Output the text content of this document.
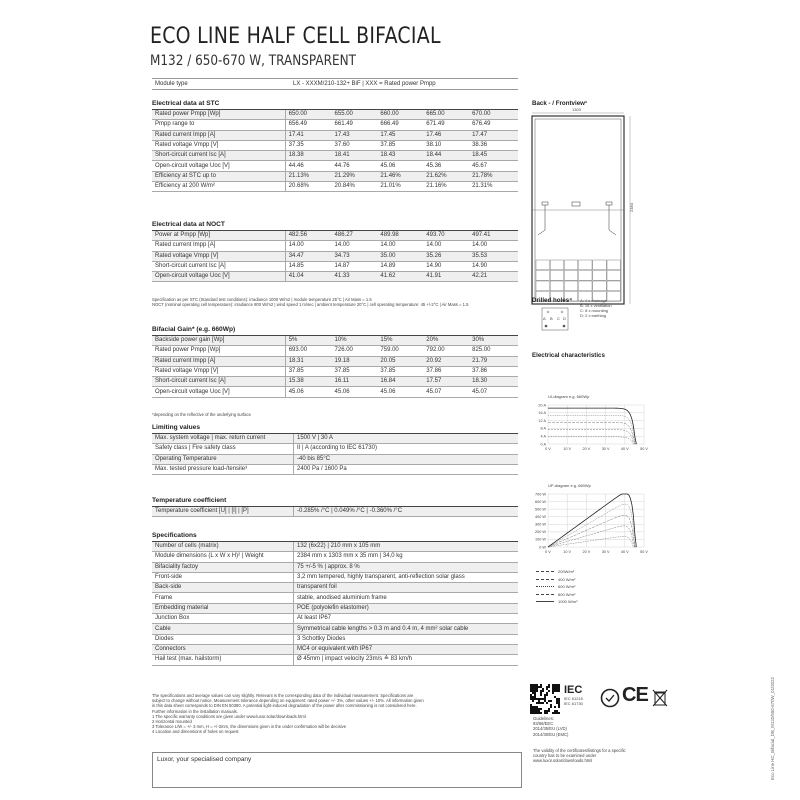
ECO LINE HALF CELL BIFACIAL
M132 / 650-670 W, TRANSPARENT
Module type	LX - XXXM/210-132+ BiF | XXX = Rated power Pmpp
Electrical data at STC
Rated power Pmpp [Wp]	650.00	655.00	660.00	665.00	670.00	
Pmpp range to	656.49	661.49	666.49	671.49	676.49	
Rated current Impp [A]	17.41	17.43	17.45	17.46	17.47	
Rated voltage Vmpp [V]	37.35	37.60	37.85	38.10	38.36	
Short-circuit current Isc [A]	18.38	18.41	18.43	18.44	18.45	
Open-circuit voltage Uoc [V]	44.46	44.76	45.06	45.36	45.67	
Efficiency at STC up to	21.13%	21.29%	21.46%	21.62%	21.78%	
Efficiency at 200 W/m²	20.68%	20.84%	21.01%	21.16%	21.31%	
Electrical data at NOCT
Power at Pmpp [Wp]	482.56	486.27	489.98	493.70	497.41	
Rated current Impp [A]	14.00	14.00	14.00	14.00	14.00	
Rated voltage Vmpp [V]	34.47	34.73	35.00	35.26	35.53	
Short-circuit current Isc [A]	14.85	14.87	14.89	14.90	14.90	
Open-circuit voltage Uoc [V]	41.04	41.33	41.62	41.91	42.21	
Specification as per STC (Standard test conditions): irradiance 1000 W/m2 | module temperature 25°C | Air Mass = 1.5
NOCT (nominal operating cell temperature): irradiance 800 W/m2 | wind speed 1 m/sec | ambient temperature 20°C | cell operating temperature: 45 +/-2°C | Air Mass = 1.5
Bifacial Gain* (e.g. 660Wp)
Backside power gain [Wp]	5%	10%	15%	20%	30%	
Rated power Pmpp [Wp]	693.00	726.00	759.00	792.00	825.00	
Rated current Impp [A]	18.31	19.18	20.05	20.92	21.79	
Rated voltage Vmpp [V]	37.85	37.85	37.85	37.86	37.86	
Short-circuit current Isc [A]	15.38	16.11	16.84	17.57	18.30	
Open-circuit voltage Uoc [V]	45.06	45.06	45.06	45.07	45.07	
*depending on the reflective of the underlying surface
Limiting values
Max. system voltage | max. return current	1500 V | 30 A
Safety class | Fire safety class	II | A (according to IEC 61730)
Operating Temperature	-40 bis 85°C
Max. tested pressure load-/tensile³	2400 Pa / 1600 Pa
Temperature coefficient
Temperature coefficient [U] | [I] | [P]	-0.285% /°C | 0.049% /°C | -0.360% /°C
Specifications
Number of cells (matrix)	132 (6x22) | 210 mm x 105 mm
Module dimensions (L x W x H)² | Weight	2384 mm x 1303 mm x 35 mm | 34,0 kg
Bifaciality factoy	75 +/-5 % | approx. 8 %
Front-side	3,2 mm tempered, highly transparent, anti-reflection solar glass
Back-side	transparent foil
Frame	stable, anodised aluminium frame
Embedding material	POE (polyolefin elastomer)
Junction Box	At least IP67
Cable	Symmetrical cable lengths > 0.3 m and 0.4 m, 4 mm² solar cable
Diodes	3 Schottky Diodes
Connectors	MC4 or equivalent with IP67
Hail test (max. hailstorm)	Ø 45mm | impact velocity 23m/s ≙ 83 km/h
The specifications and average values can vary slightly. Relevant is the corresponding data of the individual measurement. Specifications are
subject to change without notice. Measurement tolerance depending on equipment: rated power +/- 3%, other values +/- 10%. All information given
in this data sheet corresponds to DIN EN 50380. A potential light-induced degradation of the power after commissioning is not considered here.
Further information in the installation manuals.
1 The specific warranty conditions are given under www.luxor.solar/downloads.html
2 Horizontal mounted
3 Tolerance L/W = +/- 3 mm, H = +/-2mm, the dimensions given in the under confirmation will be decisive
4 Location and dimensions of holes on request
Luxor, your specialised company	Eco Line HC_Bifacial_DB_M132/650-670W_01/2022
Back - / Frontview¹
1303
2384
Drilled holes⁴ A: 4 x drainage
B: 16 x ventilation
C: 8 x mounting
D: 2 x earthing
A B C D
Electrical characteristics
UI-diagram e.g. 660Wp
20 A
16 A
12 A
8 A
4 A
0 A
0 V	10 V	20 V	30 V	40 V	50 V
UP-diagram e.g. 660Wp
700 W
600 W
500 W
400 W
300 W
200 W
100 W
0 W
0 V	10 V	20 V	30 V	40 V	50 V
200W/m²
400 W/m²
600 W/m²
800 W/m²
1000 W/m²
IEC
IEC 61215
IEC 61730	CE
Guidelines:
93/68/EEC
2014/35/EU (LVD)
2014/30/EU (EMC)
The validity of the certificates/listings for a specific
country has to be examined under
www.luxor.solar/downloads.html
